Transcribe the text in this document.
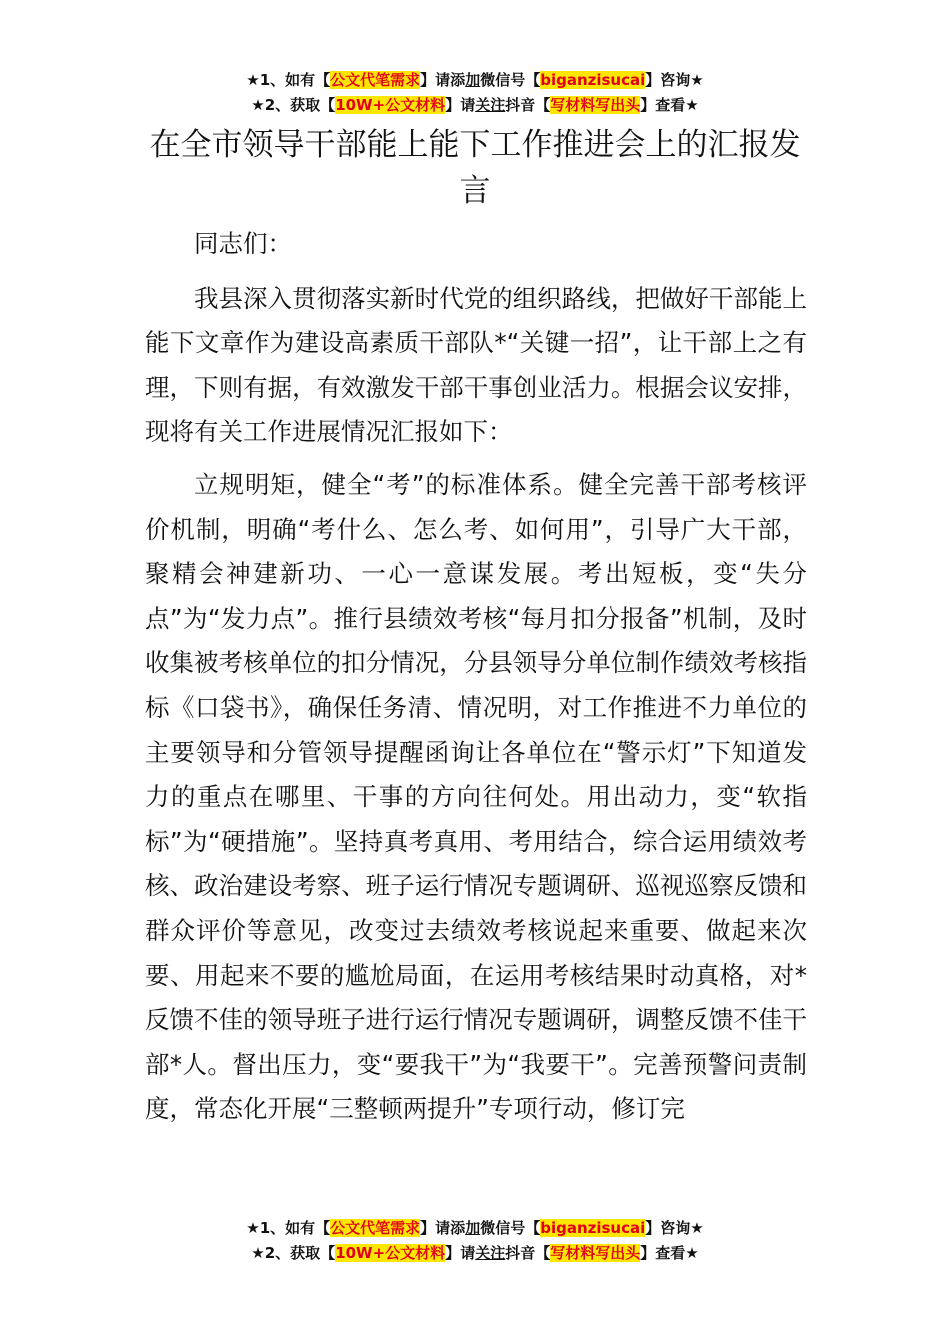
★1、如有【公文代笔需求】请添加微信号【biganzisucai】咨询★
★2、获取【10W+公文材料】请关注抖音【写材料写出头】查看★
在全市领导干部能上能下工作推进会上的汇报发言

同志们：

我县深入贯彻落实新时代党的组织路线，把做好干部能上能下文章作为建设高素质干部队*“关键一招”，让干部上之有理，下则有据，有效激发干部干事创业活力。根据会议安排，现将有关工作进展情况汇报如下：

立规明矩，健全“考”的标准体系。健全完善干部考核评价机制，明确“考什么、怎么考、如何用”，引导广大干部，聚精会神建新功、一心一意谋发展。考出短板，变“失分点”为“发力点”。推行县绩效考核“每月扣分报备”机制，及时收集被考核单位的扣分情况，分县领导分单位制作绩效考核指标《口袋书》，确保任务清、情况明，对工作推进不力单位的主要领导和分管领导提醒函询让各单位在“警示灯”下知道发力的重点在哪里、干事的方向往何处。用出动力，变“软指标”为“硬措施”。坚持真考真用、考用结合，综合运用绩效考核、政治建设考察、班子运行情况专题调研、巡视巡察反馈和群众评价等意见，改变过去绩效考核说起来重要、做起来次要、用起来不要的尴尬局面，在运用考核结果时动真格，对*反馈不佳的领导班子进行运行情况专题调研，调整反馈不佳干部*人。督出压力，变“要我干”为“我要干”。完善预警问责制度，常态化开展“三整顿两提升”专项行动，修订完

★1、如有【公文代笔需求】请添加微信号【biganzisucai】咨询★
★2、获取【10W+公文材料】请关注抖音【写材料写出头】查看★
